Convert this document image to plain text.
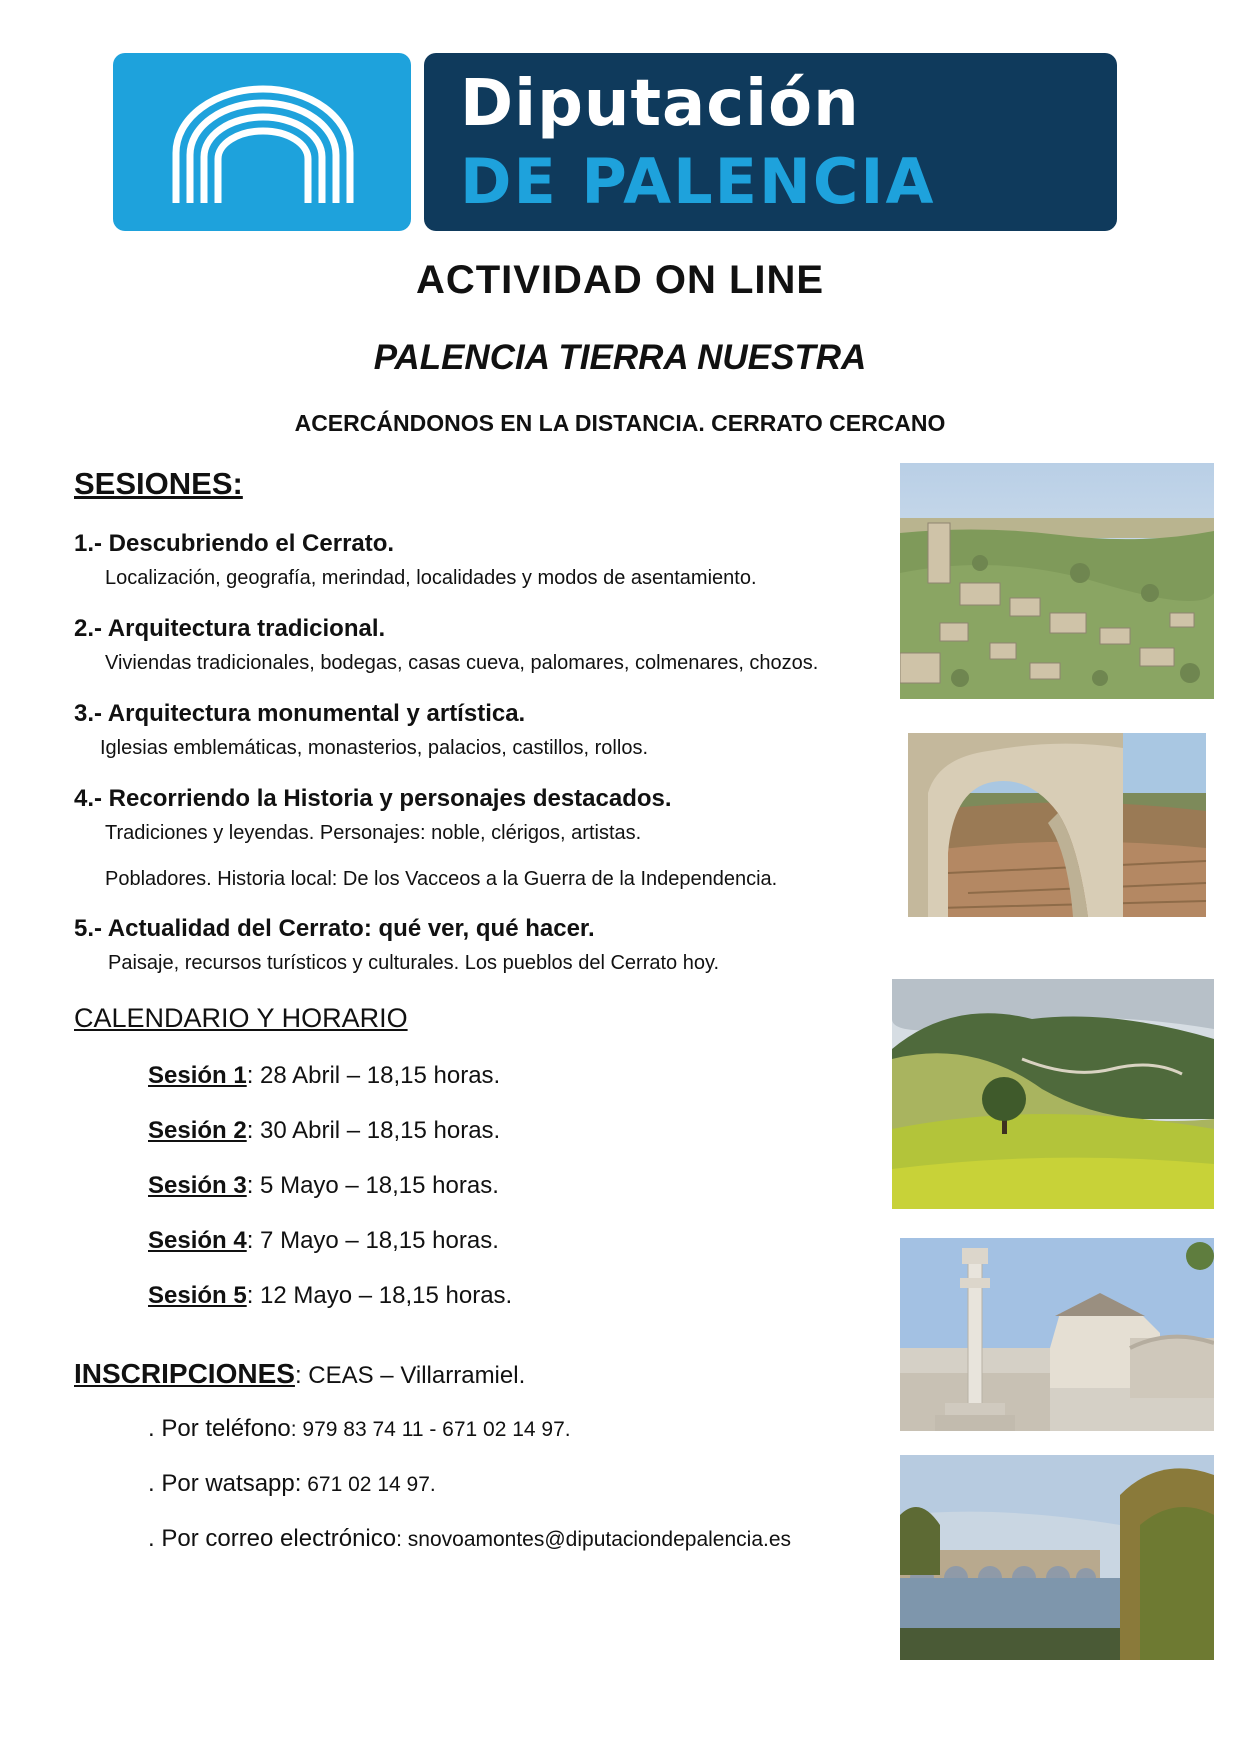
Diputación
DE PALENCIA
ACTIVIDAD ON LINE
PALENCIA TIERRA NUESTRA
ACERCÁNDONOS EN LA DISTANCIA. CERRATO CERCANO
SESIONES:
1.- Descubriendo el Cerrato.
Localización, geografía, merindad, localidades y modos de asentamiento.
2.- Arquitectura tradicional.
Viviendas tradicionales, bodegas, casas cueva, palomares, colmenares, chozos.
3.- Arquitectura monumental y artística.
Iglesias emblemáticas, monasterios, palacios, castillos, rollos.
4.- Recorriendo la Historia y personajes destacados.
Tradiciones y leyendas. Personajes: noble, clérigos, artistas.
Pobladores. Historia local: De los Vacceos a la Guerra de la Independencia.
5.- Actualidad del Cerrato: qué ver, qué hacer.
Paisaje, recursos turísticos y culturales. Los pueblos del Cerrato hoy.
CALENDARIO Y HORARIO
Sesión 1: 28 Abril – 18,15 horas.
Sesión 2: 30 Abril – 18,15 horas.
Sesión 3: 5 Mayo – 18,15 horas.
Sesión 4: 7 Mayo – 18,15 horas.
Sesión 5: 12 Mayo – 18,15 horas.
INSCRIPCIONES: CEAS – Villarramiel.
. Por teléfono: 979 83 74 11 - 671 02 14 97.
. Por watsapp: 671 02 14 97.
. Por correo electrónico: snovoamontes@diputaciondepalencia.es
